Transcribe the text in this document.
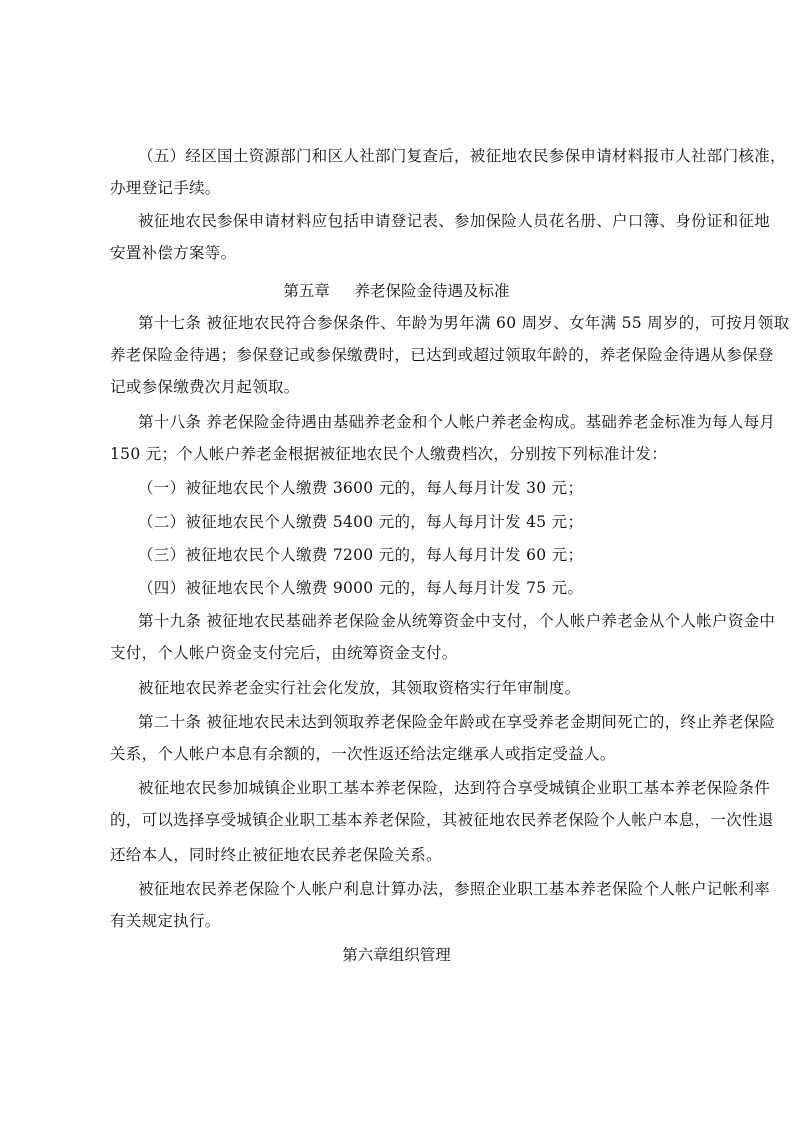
（五）经区国土资源部门和区人社部门复查后，被征地农民参保申请材料报市人社部门核准，
办理登记手续。
被征地农民参保申请材料应包括申请登记表、参加保险人员花名册、户口簿、身份证和征地
安置补偿方案等。
第五章     养老保险金待遇及标准
第十七条 被征地农民符合参保条件、年龄为男年满 60 周岁、女年满 55 周岁的，可按月领取
养老保险金待遇；参保登记或参保缴费时，已达到或超过领取年龄的，养老保险金待遇从参保登
记或参保缴费次月起领取。
第十八条 养老保险金待遇由基础养老金和个人帐户养老金构成。基础养老金标准为每人每月
150 元；个人帐户养老金根据被征地农民个人缴费档次，分别按下列标准计发：
（一）被征地农民个人缴费 3600 元的，每人每月计发 30 元；
（二）被征地农民个人缴费 5400 元的，每人每月计发 45 元；
（三）被征地农民个人缴费 7200 元的，每人每月计发 60 元；
（四）被征地农民个人缴费 9000 元的，每人每月计发 75 元。
第十九条 被征地农民基础养老保险金从统筹资金中支付，个人帐户养老金从个人帐户资金中
支付，个人帐户资金支付完后，由统筹资金支付。
被征地农民养老金实行社会化发放，其领取资格实行年审制度。
第二十条 被征地农民未达到领取养老保险金年龄或在享受养老金期间死亡的，终止养老保险
关系，个人帐户本息有余额的，一次性返还给法定继承人或指定受益人。
被征地农民参加城镇企业职工基本养老保险，达到符合享受城镇企业职工基本养老保险条件
的，可以选择享受城镇企业职工基本养老保险，其被征地农民养老保险个人帐户本息，一次性退
还给本人，同时终止被征地农民养老保险关系。
被征地农民养老保险个人帐户利息计算办法，参照企业职工基本养老保险个人帐户记帐利率
有关规定执行。
第六章组织管理
